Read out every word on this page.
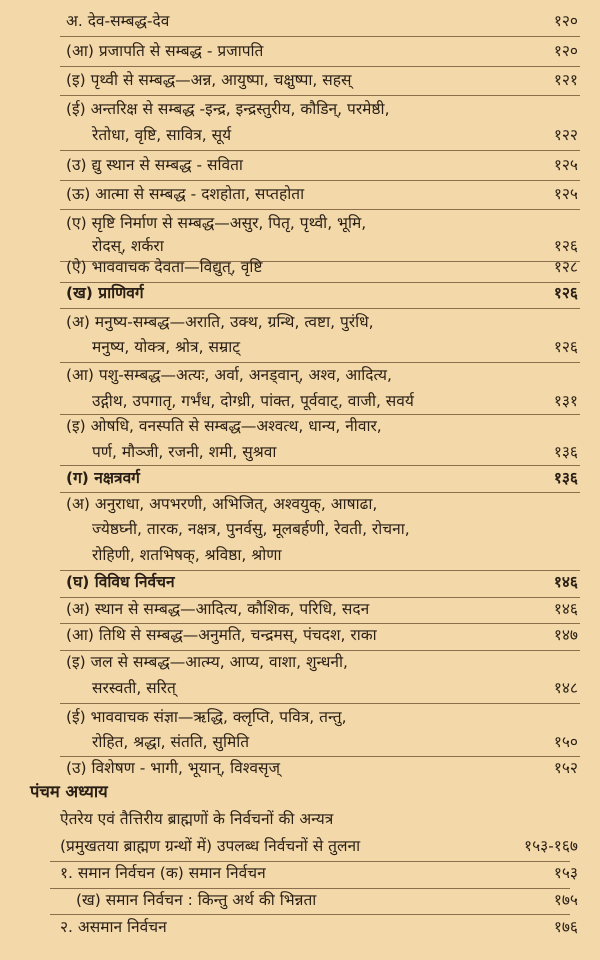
अ. देव-सम्बद्ध-देव	१२०
(आ) प्रजापति से सम्बद्ध - प्रजापति	१२०
(इ) पृथ्वी से सम्बद्ध—अन्न, आयुष्पा, चक्षुष्पा, सहस्	१२१
(ई) अन्तरिक्ष से सम्बद्ध -इन्द्र, इन्द्रस्तुरीय, कौडिन्, परमेष्ठी,
रेतोधा, वृष्टि, सावित्र, सूर्य	१२२
(उ) द्यु स्थान से सम्बद्ध - सविता	१२५
(ऊ) आत्मा से सम्बद्ध - दशहोता, सप्तहोता	१२५
(ए) सृष्टि निर्माण से सम्बद्ध—असुर, पितृ, पृथ्वी, भूमि,
रोदस्, शर्करा	१२६
(ऐ) भाववाचक देवता—विद्युत्, वृष्टि	१२८
(ख) प्राणिवर्ग	१२६
(अ) मनुष्य-सम्बद्ध—अराति, उक्थ, ग्रन्थि, त्वष्टा, पुरंधि,
मनुष्य, योक्त्र, श्रोत्र, सम्राट्	१२६
(आ) पशु-सम्बद्ध—अत्यः, अर्वा, अनड्वान्, अश्व, आदित्य,
उद्गीथ, उपगातृ, गर्भंध, दोग्ध्री, पांक्त, पूर्ववाट्, वाजी, सवर्य	१३१
(इ) ओषधि, वनस्पति से सम्बद्ध—अश्वत्थ, धान्य, नीवार,
पर्ण, मौञ्जी, रजनी, शमी, सुश्रवा	१३६
(ग) नक्षत्रवर्ग	१३६
(अ) अनुराधा, अपभरणी, अभिजित्, अश्वयुक्, आषाढा,
ज्येष्ठघ्नी, तारक, नक्षत्र, पुनर्वसु, मूलबर्हणी, रेवती, रोचना,
रोहिणी, शतभिषक्, श्रविष्ठा, श्रोणा
(घ) विविध निर्वचन	१४६
(अ) स्थान से सम्बद्ध—आदित्य, कौशिक, परिधि, सदन	१४६
(आ) तिथि से सम्बद्ध—अनुमति, चन्द्रमस्, पंचदश, राका	१४७
(इ) जल से सम्बद्ध—आत्म्य, आप्य, वाशा, शुन्धनी,
सरस्वती, सरित्	१४८
(ई) भाववाचक संज्ञा—ऋद्धि, क्लृप्ति, पवित्र, तन्तु,
रोहित, श्रद्धा, संतति, सुमिति	१५०
(उ) विशेषण - भागी, भूयान्, विश्वसृज्	१५२
पंचम अध्याय
ऐतरेय एवं तैत्तिरीय ब्राह्मणों के निर्वचनों की अन्यत्र
(प्रमुखतया ब्राह्मण ग्रन्थों में) उपलब्ध निर्वचनों से तुलना	१५३-१६७
१. समान निर्वचन (क) समान निर्वचन	१५३
(ख) समान निर्वचन : किन्तु अर्थ की भिन्नता	१७५
२. असमान निर्वचन	१७६
